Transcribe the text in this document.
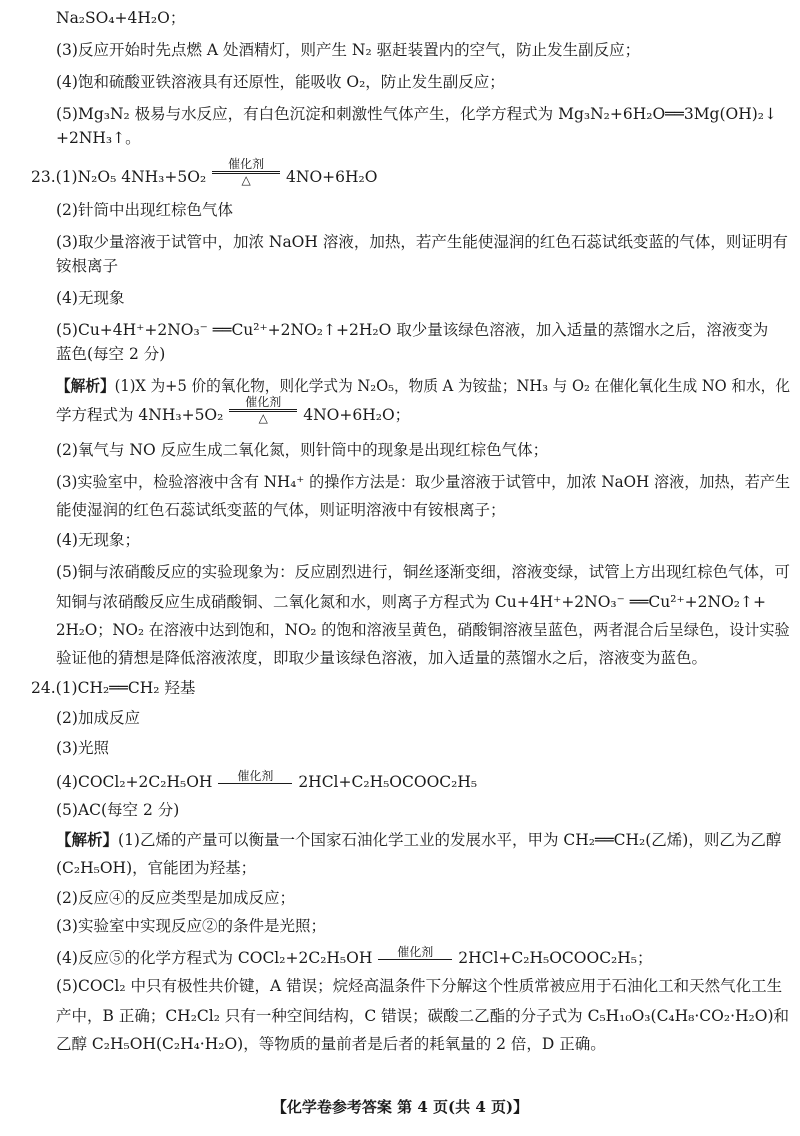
Na₂SO₄+4H₂O；
(3)反应开始时先点燃 A 处酒精灯，则产生 N₂ 驱赶装置内的空气，防止发生副反应；
(4)饱和硫酸亚铁溶液具有还原性，能吸收 O₂，防止发生副反应；
(5)Mg₃N₂ 极易与水反应，有白色沉淀和刺激性气体产生，化学方程式为 Mg₃N₂+6H₂O══3Mg(OH)₂↓
+2NH₃↑。
23.(1)N₂O₅ 4NH₃+5O₂
催化剂
△	4NO+6H₂O
(2)针筒中出现红棕色气体
(3)取少量溶液于试管中，加浓 NaOH 溶液，加热，若产生能使湿润的红色石蕊试纸变蓝的气体，则证明有
铵根离子
(4)无现象
(5)Cu+4H⁺+2NO₃⁻ ══Cu²⁺+2NO₂↑+2H₂O 取少量该绿色溶液，加入适量的蒸馏水之后，溶液变为
蓝色(每空 2 分)
【解析】(1)X 为+5 价的氧化物，则化学式为 N₂O₅，物质 A 为铵盐；NH₃ 与 O₂ 在催化氧化生成 NO 和水，化
学方程式为 4NH₃+5O₂
催化剂
△	4NO+6H₂O；
(2)氧气与 NO 反应生成二氧化氮，则针筒中的现象是出现红棕色气体；
(3)实验室中，检验溶液中含有 NH₄⁺ 的操作方法是：取少量溶液于试管中，加浓 NaOH 溶液，加热，若产生
能使湿润的红色石蕊试纸变蓝的气体，则证明溶液中有铵根离子；
(4)无现象；
(5)铜与浓硝酸反应的实验现象为：反应剧烈进行，铜丝逐渐变细，溶液变绿，试管上方出现红棕色气体，可
知铜与浓硝酸反应生成硝酸铜、二氧化氮和水，则离子方程式为 Cu+4H⁺+2NO₃⁻ ══Cu²⁺+2NO₂↑+
2H₂O；NO₂ 在溶液中达到饱和，NO₂ 的饱和溶液呈黄色，硝酸铜溶液呈蓝色，两者混合后呈绿色，设计实验
验证他的猜想是降低溶液浓度，即取少量该绿色溶液，加入适量的蒸馏水之后，溶液变为蓝色。
24.(1)CH₂══CH₂ 羟基
(2)加成反应
(3)光照
(4)COCl₂+2C₂H₅OH	催化剂	2HCl+C₂H₅OCOOC₂H₅
(5)AC(每空 2 分)
【解析】(1)乙烯的产量可以衡量一个国家石油化学工业的发展水平，甲为 CH₂══CH₂(乙烯)，则乙为乙醇
(C₂H₅OH)，官能团为羟基；
(2)反应④的反应类型是加成反应；
(3)实验室中实现反应②的条件是光照；
(4)反应⑤的化学方程式为 COCl₂+2C₂H₅OH	催化剂	2HCl+C₂H₅OCOOC₂H₅；
(5)COCl₂ 中只有极性共价键，A 错误；烷烃高温条件下分解这个性质常被应用于石油化工和天然气化工生
产中，B 正确；CH₂Cl₂ 只有一种空间结构，C 错误；碳酸二乙酯的分子式为 C₅H₁₀O₃(C₄H₈·CO₂·H₂O)和
乙醇 C₂H₅OH(C₂H₄·H₂O)，等物质的量前者是后者的耗氧量的 2 倍，D 正确。
【化学卷参考答案 第 4 页(共 4 页)】
